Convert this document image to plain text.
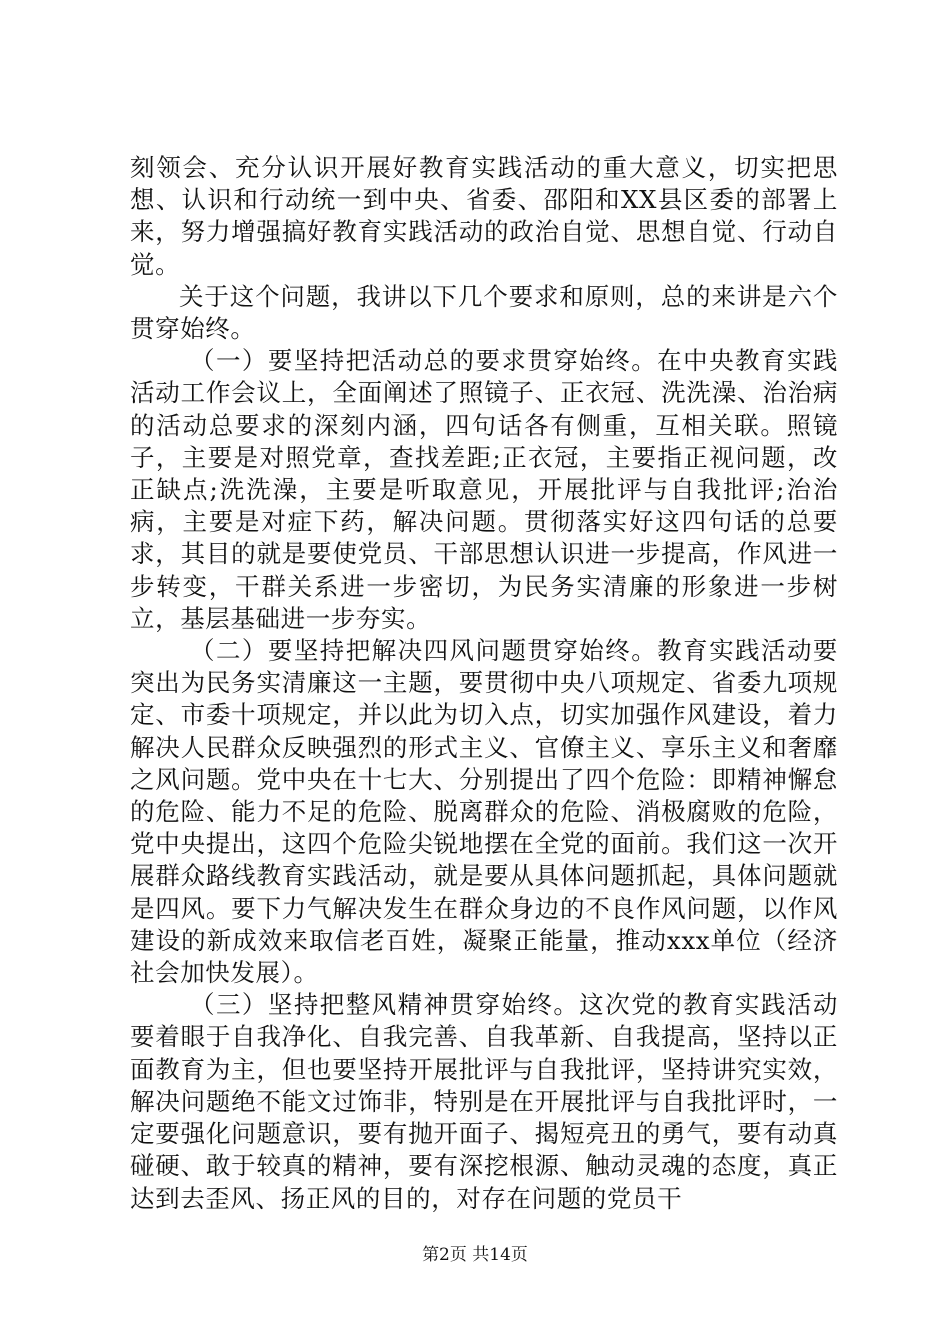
刻领会、充分认识开展好教育实践活动的重大意义，切实把思想、认识和行动统一到中央、省委、邵阳和XX县区委的部署上来，努力增强搞好教育实践活动的政治自觉、思想自觉、行动自觉。

关于这个问题，我讲以下几个要求和原则，总的来讲是六个贯穿始终。

（一）要坚持把活动总的要求贯穿始终。在中央教育实践活动工作会议上，全面阐述了照镜子、正衣冠、洗洗澡、治治病的活动总要求的深刻内涵，四句话各有侧重，互相关联。照镜子，主要是对照党章，查找差距;正衣冠，主要指正视问题，改正缺点;洗洗澡，主要是听取意见，开展批评与自我批评;治治病，主要是对症下药，解决问题。贯彻落实好这四句话的总要求，其目的就是要使党员、干部思想认识进一步提高，作风进一步转变，干群关系进一步密切，为民务实清廉的形象进一步树立，基层基础进一步夯实。

（二）要坚持把解决四风问题贯穿始终。教育实践活动要突出为民务实清廉这一主题，要贯彻中央八项规定、省委九项规定、市委十项规定，并以此为切入点，切实加强作风建设，着力解决人民群众反映强烈的形式主义、官僚主义、享乐主义和奢靡之风问题。党中央在十七大、分别提出了四个危险：即精神懈怠的危险、能力不足的危险、脱离群众的危险、消极腐败的危险，党中央提出，这四个危险尖锐地摆在全党的面前。我们这一次开展群众路线教育实践活动，就是要从具体问题抓起，具体问题就是四风。要下力气解决发生在群众身边的不良作风问题，以作风建设的新成效来取信老百姓，凝聚正能量，推动xxx单位（经济社会加快发展）。

（三）坚持把整风精神贯穿始终。这次党的教育实践活动要着眼于自我净化、自我完善、自我革新、自我提高，坚持以正面教育为主，但也要坚持开展批评与自我批评，坚持讲究实效，解决问题绝不能文过饰非，特别是在开展批评与自我批评时，一定要强化问题意识，要有抛开面子、揭短亮丑的勇气，要有动真碰硬、敢于较真的精神，要有深挖根源、触动灵魂的态度，真正达到去歪风、扬正风的目的，对存在问题的党员干

第2页 共14页
